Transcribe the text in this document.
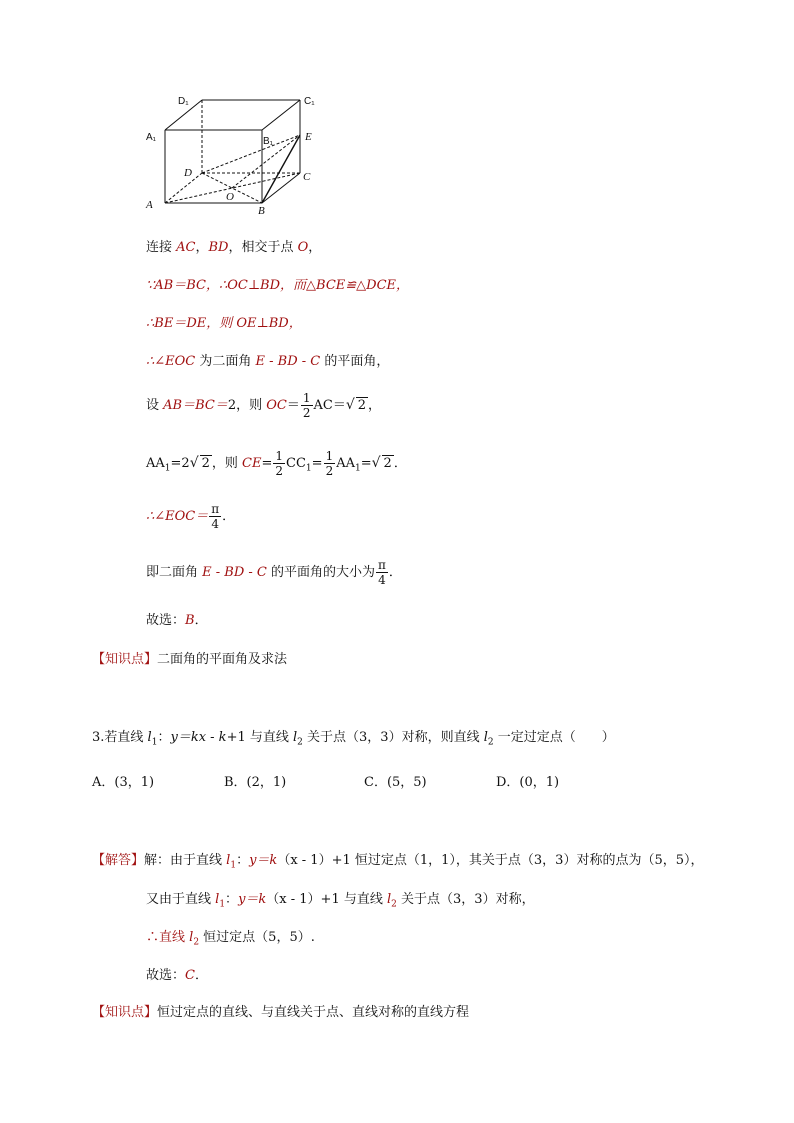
D₁	C₁
A₁	B₁	E
D
O
C
A	B
连接 AC，BD，相交于点 O，
∵AB＝BC，∴OC⊥BD，而△BCE≌△DCE，
∴BE＝DE，则 OE⊥BD，
∴∠EOC 为二面角 E - BD - C 的平面角，
设 AB＝BC＝2，则 $OC= \frac{1}{2} AC=√$ 2 ，
$AA_1=2√$ 2 ，则 $CE= \frac{1}{2} CC_1= \frac{1}{2} AA_1=√$ 2 ．
∴∠EOC＝ $\frac{\pi}{4}$ ．
即二面角 E - BD - C 的平面角的大小为 $\frac{\pi}{4}$ ．
故选：B．
【知识点】二面角的平面角及求法
3.若直线 $l_1$：y＝kx - k+1 与直线 $l_2$ 关于点（3，3）对称，则直线 $l_2$ 一定过定点（　　）
A．(3，1)	B．(2，1)	C．(5，5)	D．(0，1)
【解答】解：由于直线 $l_1$：y＝k（x - 1）+1 恒过定点（1，1），其关于点（3，3）对称的点为（5，5），
又由于直线 $l_1$：y＝k（x - 1）+1 与直线 $l_2$ 关于点（3，3）对称，
∴直线 $l_2$ 恒过定点（5，5）.
故选：C．
【知识点】恒过定点的直线、与直线关于点、直线对称的直线方程
